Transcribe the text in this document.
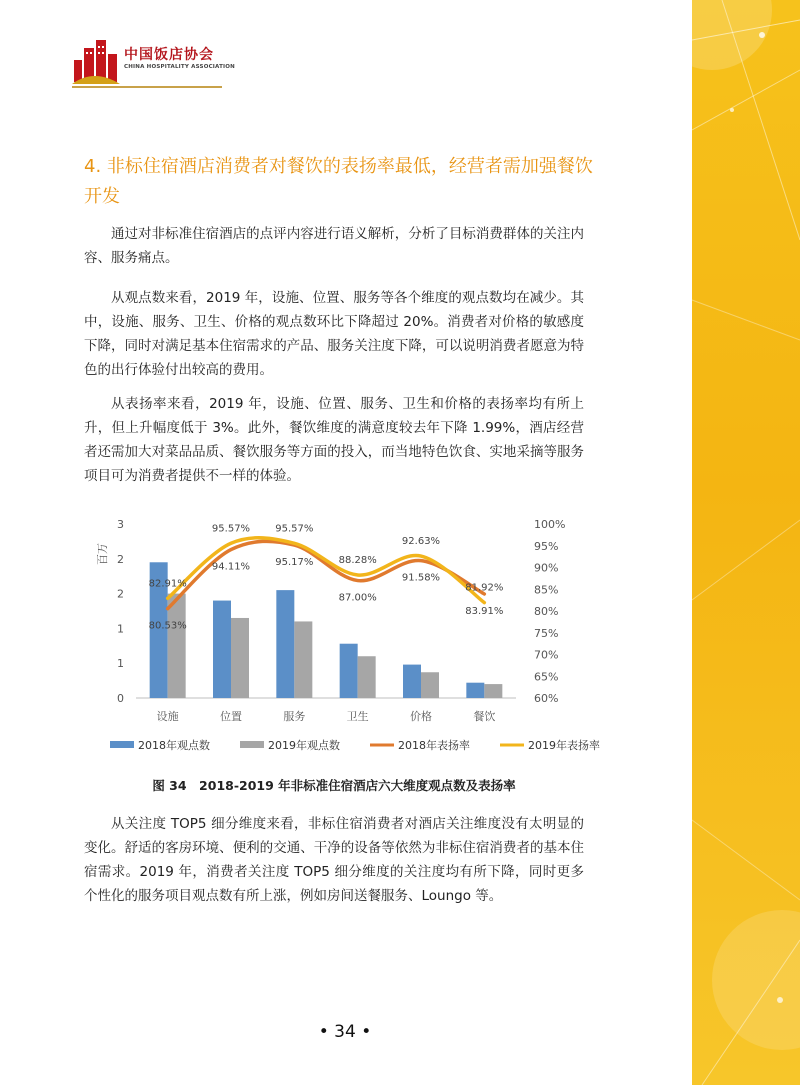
中国饭店协会
CHINA HOSPITALITY ASSOCIATION
4. 非标住宿酒店消费者对餐饮的表扬率最低，经营者需加强餐饮开发
通过对非标准住宿酒店的点评内容进行语义解析，分析了目标消费群体的关注内容、服务痛点。
从观点数来看，2019 年，设施、位置、服务等各个维度的观点数均在减少。其中，设施、服务、卫生、价格的观点数环比下降超过 20%。消费者对价格的敏感度下降，同时对满足基本住宿需求的产品、服务关注度下降，可以说明消费者愿意为特色的出行体验付出较高的费用。
从表扬率来看，2019 年，设施、位置、服务、卫生和价格的表扬率均有所上升，但上升幅度低于 3%。此外，餐饮维度的满意度较去年下降 1.99%，酒店经营者还需加大对菜品品质、餐饮服务等方面的投入，而当地特色饮食、实地采摘等服务项目可为消费者提供不一样的体验。
0
1
1
2
2
3
百万
60%
65%
70%
75%
80%
85%
90%
95%
100%
设施	位置	服务	卫生	价格	餐饮
82.91%
95.57%	95.57%
88.28%
92.63%
81.92%
80.53%
94.11%	95.17%
87.00%
91.58%
83.91%
2018年观点数	2019年观点数	2018年表扬率	2019年表扬率
图 34　2018-2019 年非标准住宿酒店六大维度观点数及表扬率
从关注度 TOP5 细分维度来看，非标住宿消费者对酒店关注维度没有太明显的变化。舒适的客房环境、便利的交通、干净的设备等依然为非标住宿消费者的基本住宿需求。2019 年，消费者关注度 TOP5 细分维度的关注度均有所下降，同时更多个性化的服务项目观点数有所上涨，例如房间送餐服务、Loungo 等。
• 34 •
